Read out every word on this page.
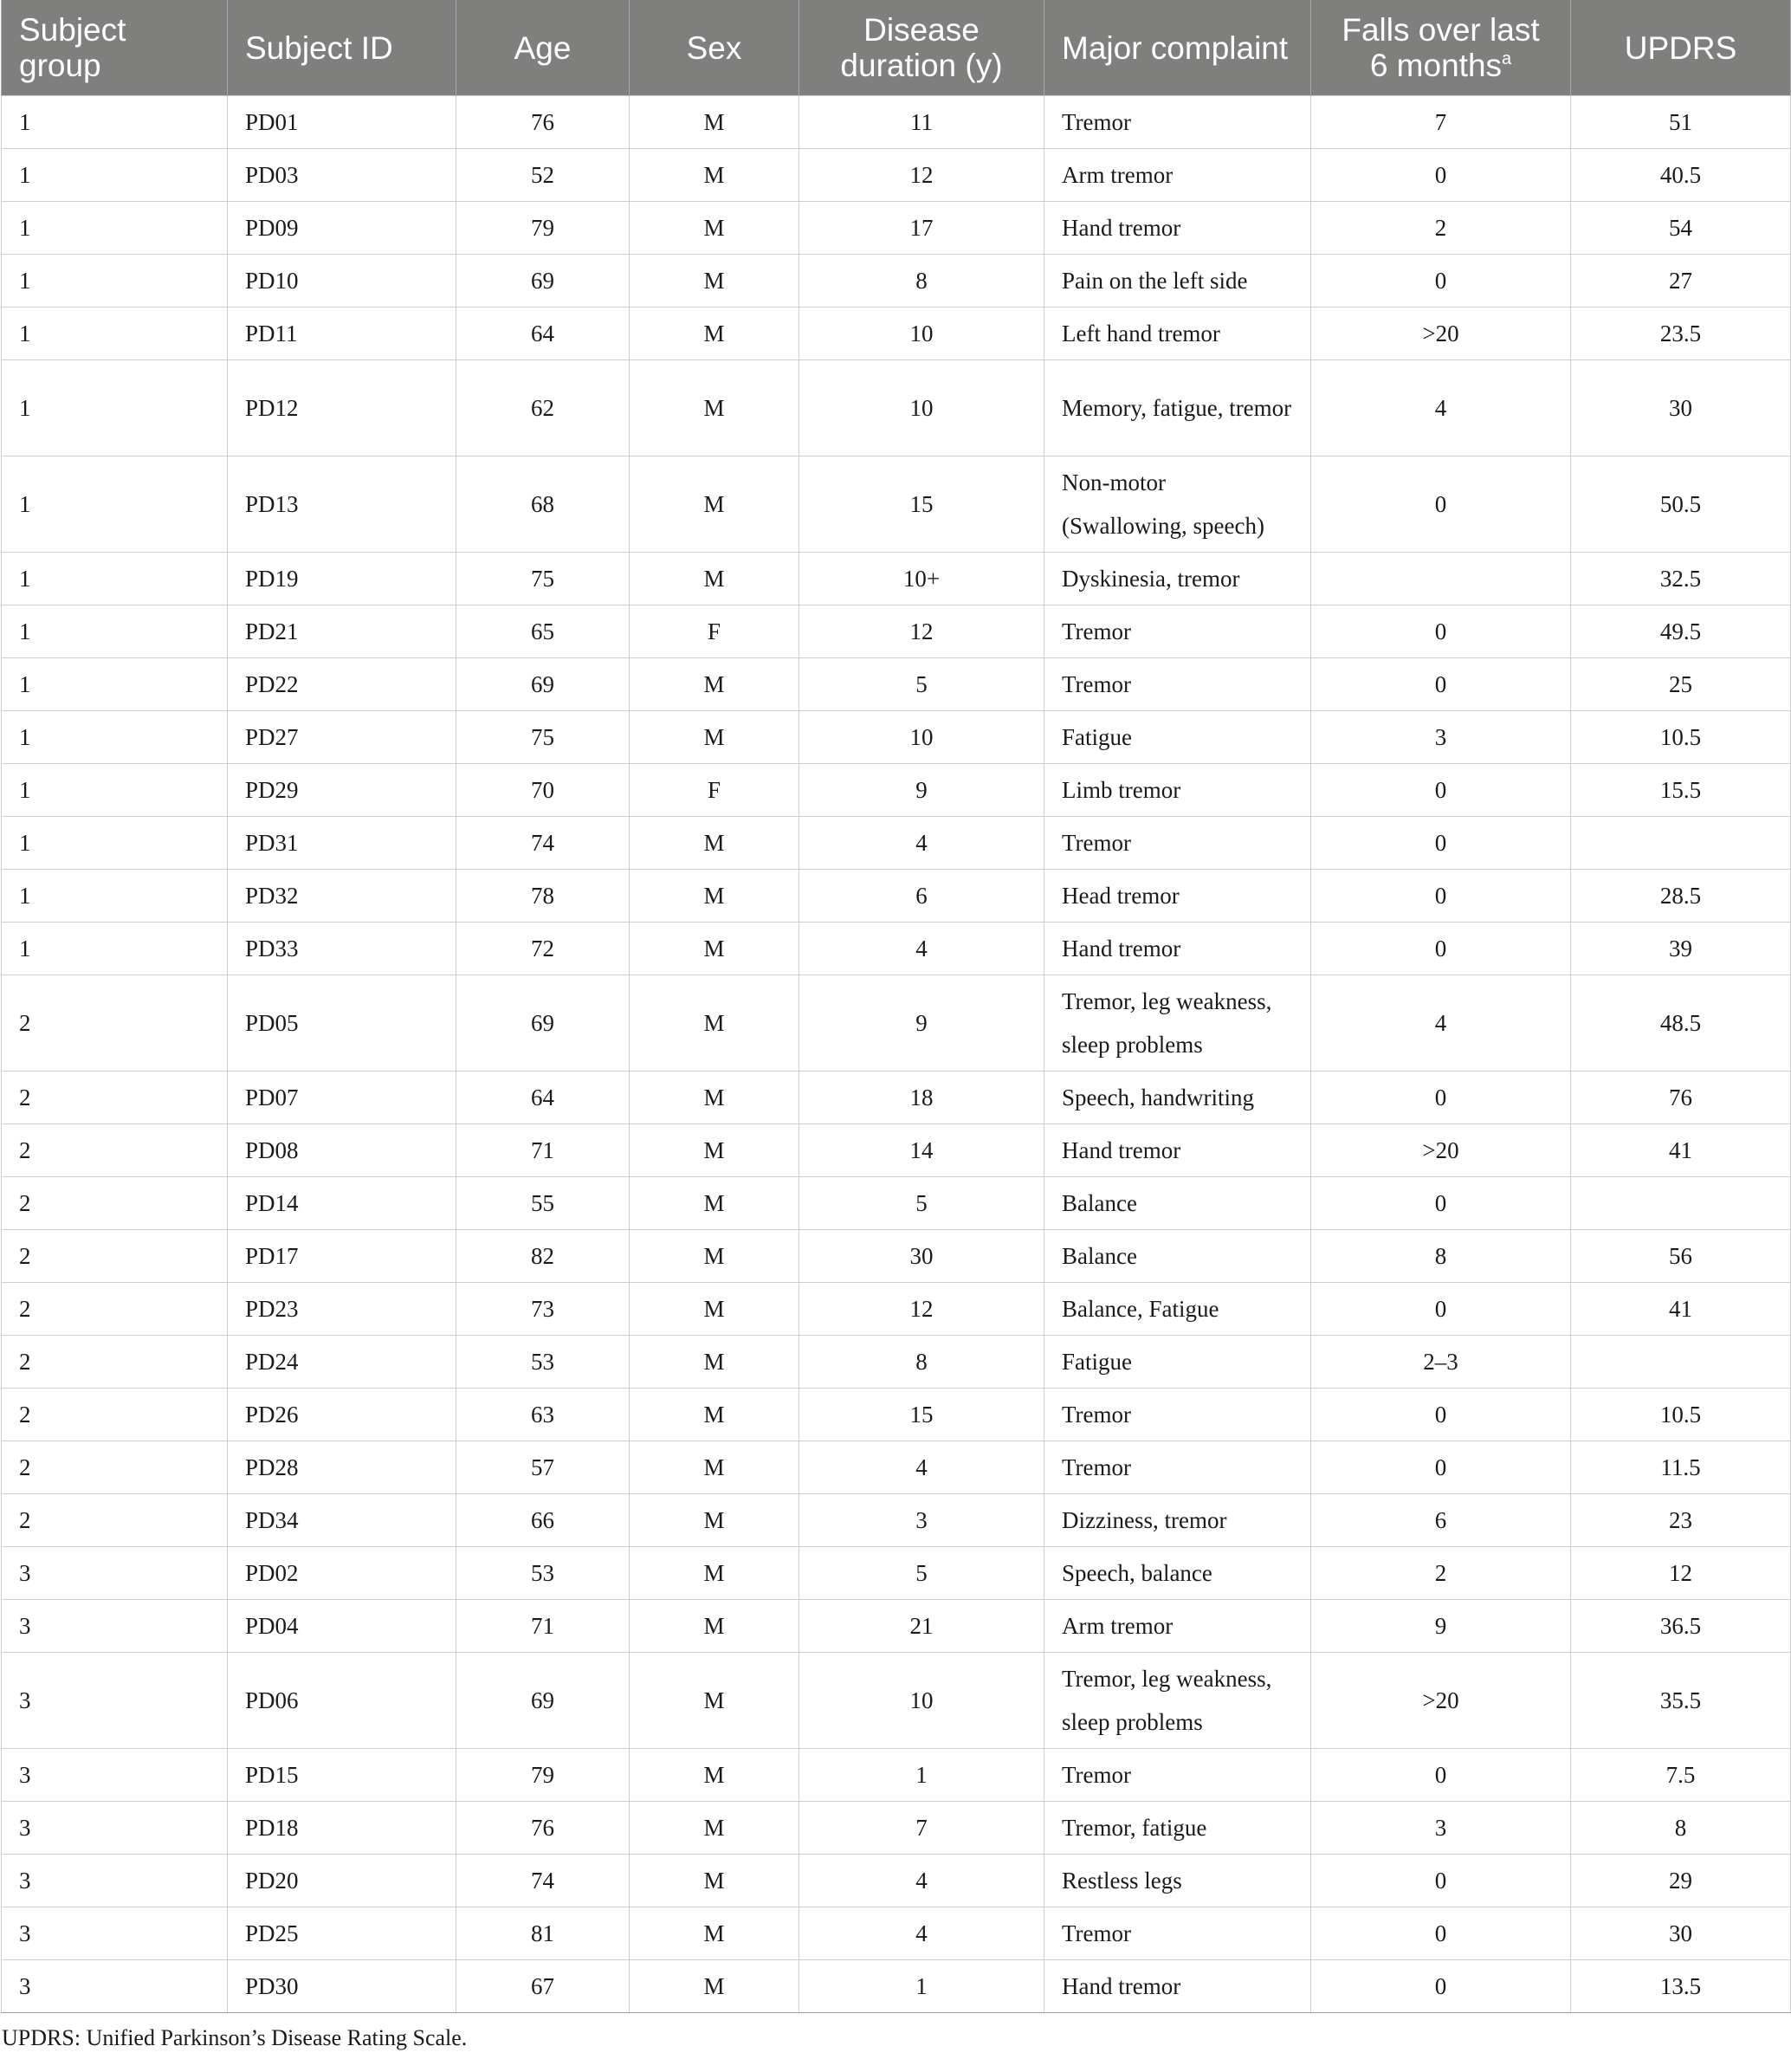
Subject group	Subject ID	Age	Sex	Disease duration (y)	Major complaint	Falls over last 6 months$^a$	UPDRS
1	PD01	76	M	11	Tremor	7	51
1	PD03	52	M	12	Arm tremor	0	40.5
1	PD09	79	M	17	Hand tremor	2	54
1	PD10	69	M	8	Pain on the left side	0	27
1	PD11	64	M	10	Left hand tremor	>20	23.5
1	PD12	62	M	10	Memory, fatigue, tremor	4	30
1	PD13	68	M	15	Non-motor (Swallowing, speech)	0	50.5
1	PD19	75	M	10+	Dyskinesia, tremor		32.5
1	PD21	65	F	12	Tremor	0	49.5
1	PD22	69	M	5	Tremor	0	25
1	PD27	75	M	10	Fatigue	3	10.5
1	PD29	70	F	9	Limb tremor	0	15.5
1	PD31	74	M	4	Tremor	0	
1	PD32	78	M	6	Head tremor	0	28.5
1	PD33	72	M	4	Hand tremor	0	39
2	PD05	69	M	9	Tremor, leg weakness, sleep problems	4	48.5
2	PD07	64	M	18	Speech, handwriting	0	76
2	PD08	71	M	14	Hand tremor	>20	41
2	PD14	55	M	5	Balance	0	
2	PD17	82	M	30	Balance	8	56
2	PD23	73	M	12	Balance, Fatigue	0	41
2	PD24	53	M	8	Fatigue	2–3	
2	PD26	63	M	15	Tremor	0	10.5
2	PD28	57	M	4	Tremor	0	11.5
2	PD34	66	M	3	Dizziness, tremor	6	23
3	PD02	53	M	5	Speech, balance	2	12
3	PD04	71	M	21	Arm tremor	9	36.5
3	PD06	69	M	10	Tremor, leg weakness, sleep problems	>20	35.5
3	PD15	79	M	1	Tremor	0	7.5
3	PD18	76	M	7	Tremor, fatigue	3	8
3	PD20	74	M	4	Restless legs	0	29
3	PD25	81	M	4	Tremor	0	30
3	PD30	67	M	1	Hand tremor	0	13.5
UPDRS: Unified Parkinson’s Disease Rating Scale.
